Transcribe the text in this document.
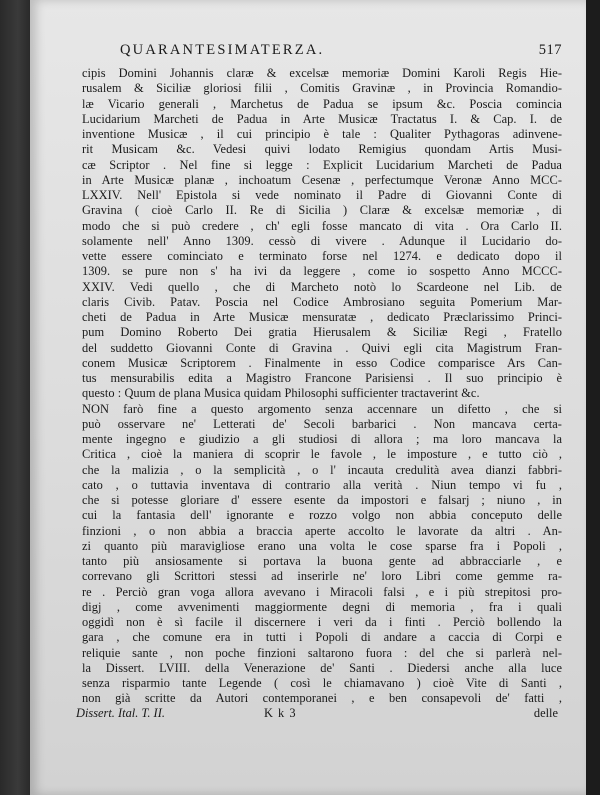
QUARANTESIMATERZA.	517
cipis Domini Johannis claræ & excelsæ memoriæ Domini Karoli Regis Hie-
rusalem & Siciliæ gloriosi filii , Comitis Gravinæ , in Provincia Romandio-
læ Vicario generali , Marchetus de Padua se ipsum &c. Poscia comincia
Lucidarium Marcheti de Padua in Arte Musicæ Tractatus I. & Cap. I. de
inventione Musicæ , il cui principio è tale : Qualiter Pythagoras adinvene-
rit Musicam &c. Vedesi quivi lodato Remigius quondam Artis Musi-
cæ Scriptor . Nel fine si legge : Explicit Lucidarium Marcheti de Padua
in Arte Musicæ planæ , inchoatum Cesenæ , perfectumque Veronæ Anno MCC-
LXXIV. Nell' Epistola si vede nominato il Padre di Giovanni Conte di
Gravina ( cioè Carlo II. Re di Sicilia ) Claræ & excelsæ memoriæ , di
modo che si può credere , ch' egli fosse mancato di vita . Ora Carlo II.
solamente nell' Anno 1309. cessò di vivere . Adunque il Lucidario do-
vette essere cominciato e terminato forse nel 1274. e dedicato dopo il
1309. se pure non s' ha ivi da leggere , come io sospetto Anno MCCC-
XXIV. Vedi quello , che di Marcheto notò lo Scardeone nel Lib. de
claris Civib. Patav. Poscia nel Codice Ambrosiano seguita Pomerium Mar-
cheti de Padua in Arte Musicæ mensuratæ , dedicato Præclarissimo Princi-
pum Domino Roberto Dei gratia Hierusalem & Siciliæ Regi , Fratello
del suddetto Giovanni Conte di Gravina . Quivi egli cita Magistrum Fran-
conem Musicæ Scriptorem . Finalmente in esso Codice comparisce Ars Can-
tus mensurabilis edita a Magistro Francone Parisiensi . Il suo principio è
questo : Quum de plana Musica quidam Philosophi sufficienter tractaverint &c.
NON farò fine a questo argomento senza accennare un difetto , che si
può osservare ne' Letterati de' Secoli barbarici . Non mancava certa-
mente ingegno e giudizio a gli studiosi di allora ; ma loro mancava la
Critica , cioè la maniera di scoprir le favole , le imposture , e tutto ciò ,
che la malizia , o la semplicità , o l' incauta credulità avea dianzi fabbri-
cato , o tuttavia inventava di contrario alla verità . Niun tempo vi fu ,
che si potesse gloriare d' essere esente da impostori e falsarj ; niuno , in
cui la fantasia dell' ignorante e rozzo volgo non abbia conceputo delle
finzioni , o non abbia a braccia aperte accolto le lavorate da altri . An-
zi quanto più maravigliose erano una volta le cose sparse fra i Popoli ,
tanto più ansiosamente si portava la buona gente ad abbracciarle , e
correvano gli Scrittori stessi ad inserirle ne' loro Libri come gemme ra-
re . Perciò gran voga allora avevano i Miracoli falsi , e i più strepitosi pro-
digj , come avvenimenti maggiormente degni di memoria , fra i quali
oggidì non è sì facile il discernere i veri da i finti . Perciò bollendo la
gara , che comune era in tutti i Popoli di andare a caccia di Corpi e
reliquie sante , non poche finzioni saltarono fuora : del che si parlerà nel-
la Dissert. LVIII. della Venerazione de' Santi . Diedersi anche alla luce
senza risparmio tante Legende ( così le chiamavano ) cioè Vite di Santi ,
non già scritte da Autori contemporanei , e ben consapevoli de' fatti ,
Dissert. Ital. T. II.	K k 3	delle
